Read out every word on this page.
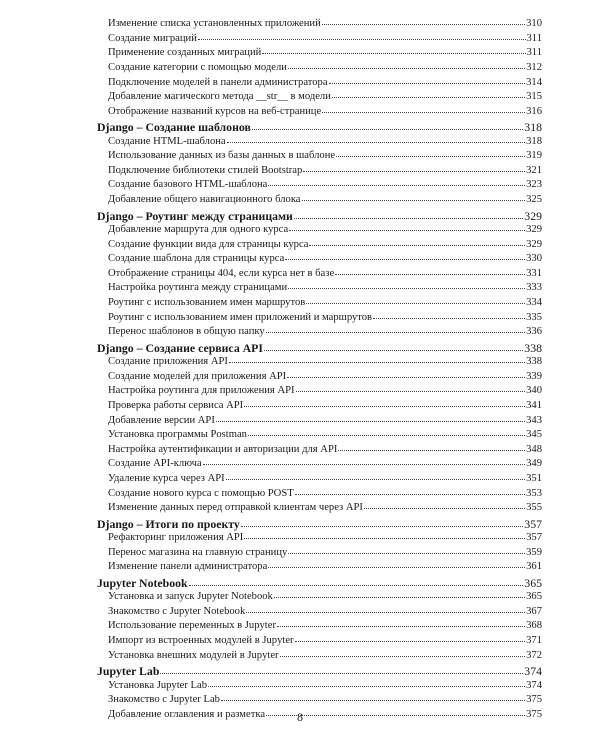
Изменение списка установленных приложений	310
Создание миграций	311
Применение созданных миграций	311
Создание категории с помощью модели	312
Подключение моделей в панели администратора	314
Добавление магического метода __str__ в модели	315
Отображение названий курсов на веб-странице	316
Django – Создание шаблонов	318
Создание HTML-шаблона	318
Использование данных из базы данных в шаблоне	319
Подключение библиотеки стилей Bootstrap	321
Создание базового HTML-шаблона	323
Добавление общего навигационного блока	325
Django – Роутинг между страницами	329
Добавление маршрута для одного курса	329
Создание функции вида для страницы курса	329
Создание шаблона для страницы курса	330
Отображение страницы 404, если курса нет в базе	331
Настройка роутинга между страницами	333
Роутинг с использованием имен маршрутов	334
Роутинг с использованием имен приложений и маршрутов	335
Перенос шаблонов в общую папку	336
Django – Создание сервиса API	338
Создание приложения API	338
Создание моделей для приложения API	339
Настройка роутинга для приложения API	340
Проверка работы сервиса API	341
Добавление версии API	343
Установка программы Postman	345
Настройка аутентификации и авторизации для API	348
Создание API-ключа	349
Удаление курса через API	351
Создание нового курса с помощью POST	353
Изменение данных перед отправкой клиентам через API	355
Django – Итоги по проекту	357
Рефакторинг приложения API	357
Перенос магазина на главную страницу	359
Изменение панели администратора	361
Jupyter Notebook	365
Установка и запуск Jupyter Notebook	365
Знакомство с Jupyter Notebook	367
Использование переменных в Jupyter	368
Импорт из встроенных модулей в Jupyter	371
Установка внешних модулей в Jupyter	372
Jupyter Lab	374
Установка Jupyter Lab	374
Знакомство с Jupyter Lab	375
Добавление оглавления и разметка	375
8
